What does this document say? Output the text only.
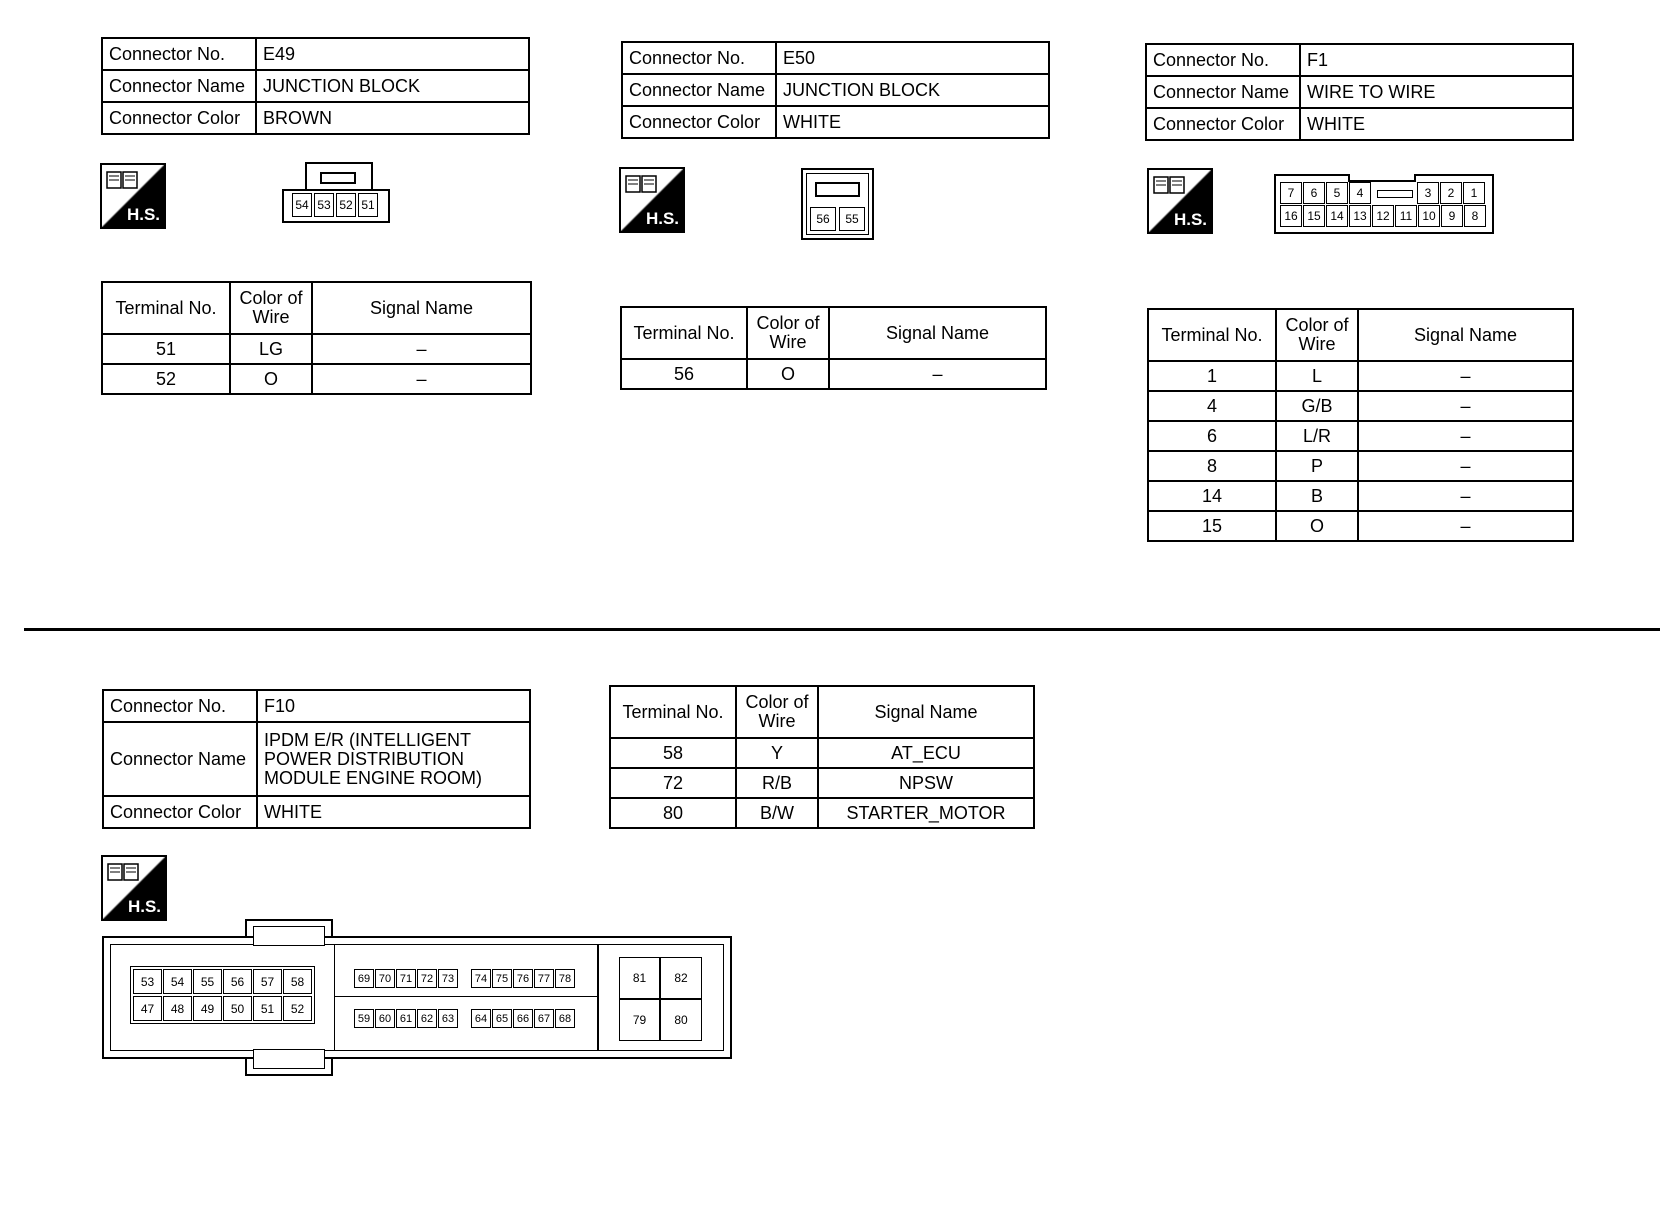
Connector No.	E49
Connector Name	JUNCTION BLOCK
Connector Color	BROWN
H.S.	54 53 52 51
Terminal No.	Color of Wire	Signal Name
51	LG	–
52	O	–
Connector No.	E50
Connector Name	JUNCTION BLOCK
Connector Color	WHITE
H.S.	56	55
Terminal No.	Color of Wire	Signal Name
56	O	–
Connector No.	F1
Connector Name	WIRE TO WIRE
Connector Color	WHITE
H.S.
7	6	5	4	3	2	1
16 15 14 13 12 11 10	9	8
Terminal No.	Color of Wire	Signal Name
1	L	–
4	G/B	–
6	L/R	–
8	P	–
14	B	–
15	O	–
Connector No.	F10
Connector Name	IPDM E/R (INTELLIGENT
POWER DISTRIBUTION
MODULE ENGINE ROOM)

Connector Color	WHITE
Terminal No.	Color of Wire	Signal Name
58	Y	AT_ECU
72	R/B	NPSW
80	B/W	STARTER_MOTOR
H.S.
53	54	55	56	57	58
47	48	49	50	51	52
69 70 71 72 73	74 75 76 77 78
59 60 61 62 63	64 65 66 67 68
81	82
79	80
